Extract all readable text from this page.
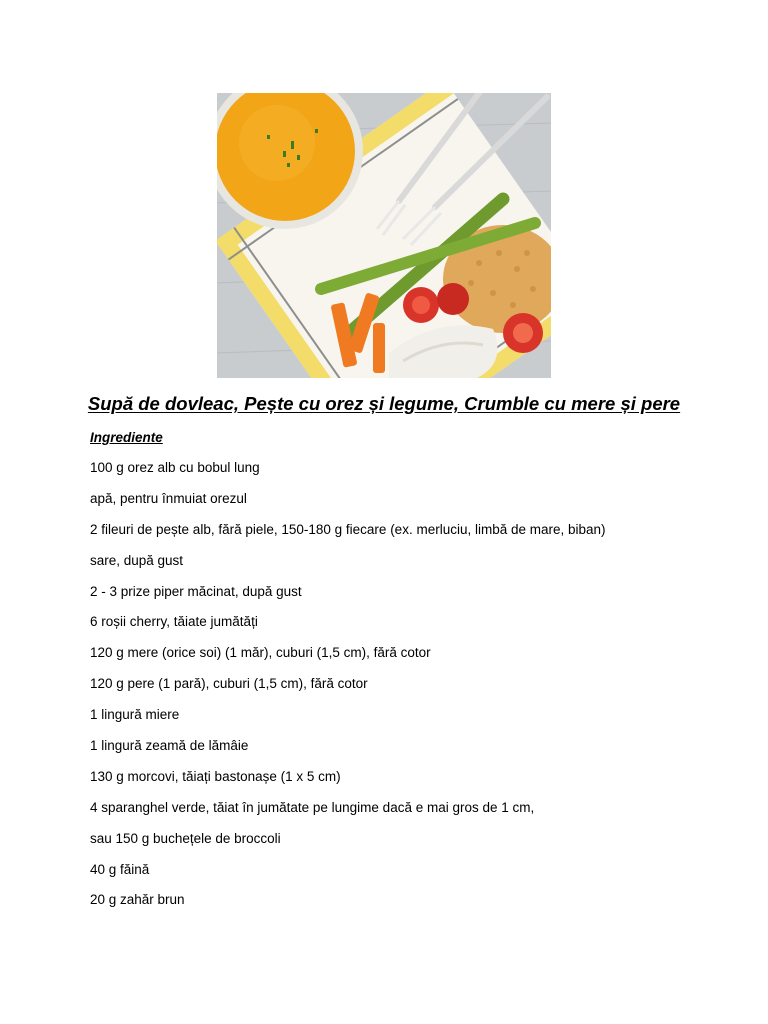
Supă de dovleac, Pește cu orez și legume, Crumble cu mere și pere
Ingrediente
100 g orez alb cu bobul lung
apă, pentru înmuiat orezul
2 fileuri de pește alb, fără piele, 150-180 g fiecare (ex. merluciu, limbă de mare, biban)
sare, după gust
2 - 3 prize piper măcinat, după gust
6 roșii cherry, tăiate jumătăți
120 g mere (orice soi) (1 măr), cuburi (1,5 cm), fără cotor
120 g pere (1 pară), cuburi (1,5 cm), fără cotor
1 lingură miere
1 lingură zeamă de lămâie
130 g morcovi, tăiați bastonașe (1 x 5 cm)
4 sparanghel verde, tăiat în jumătate pe lungime dacă e mai gros de 1 cm,
sau 150 g buchețele de broccoli
40 g făină
20 g zahăr brun
